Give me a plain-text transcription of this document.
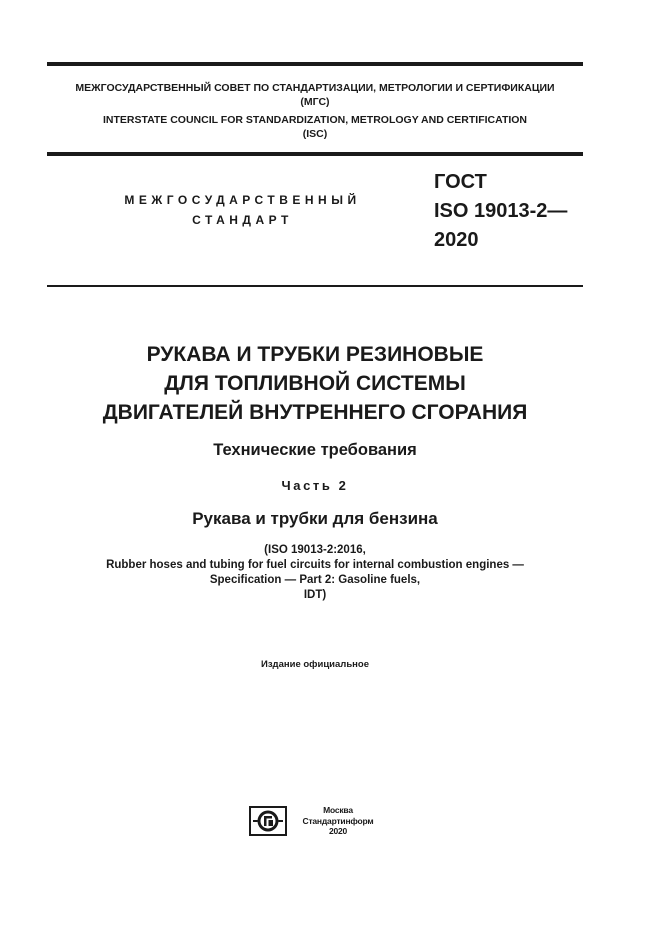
МЕЖГОСУДАРСТВЕННЫЙ СОВЕТ ПО СТАНДАРТИЗАЦИИ, МЕТРОЛОГИИ И СЕРТИФИКАЦИИ
(МГС)
INTERSTATE COUNCIL FOR STANDARDIZATION, METROLOGY AND CERTIFICATION
(ISC)
МЕЖГОСУДАРСТВЕННЫЙ
СТАНДАРТ
ГОСТ
ISO 19013-2—
2020
РУКАВА И ТРУБКИ РЕЗИНОВЫЕ
ДЛЯ ТОПЛИВНОЙ СИСТЕМЫ
ДВИГАТЕЛЕЙ ВНУТРЕННЕГО СГОРАНИЯ
Технические требования
Часть 2
Рукава и трубки для бензина
(ISO 19013-2:2016,
Rubber hoses and tubing for fuel circuits for internal combustion engines —
Specification — Part 2: Gasoline fuels,
IDT)
Издание официальное
Москва
Стандартинформ
2020
